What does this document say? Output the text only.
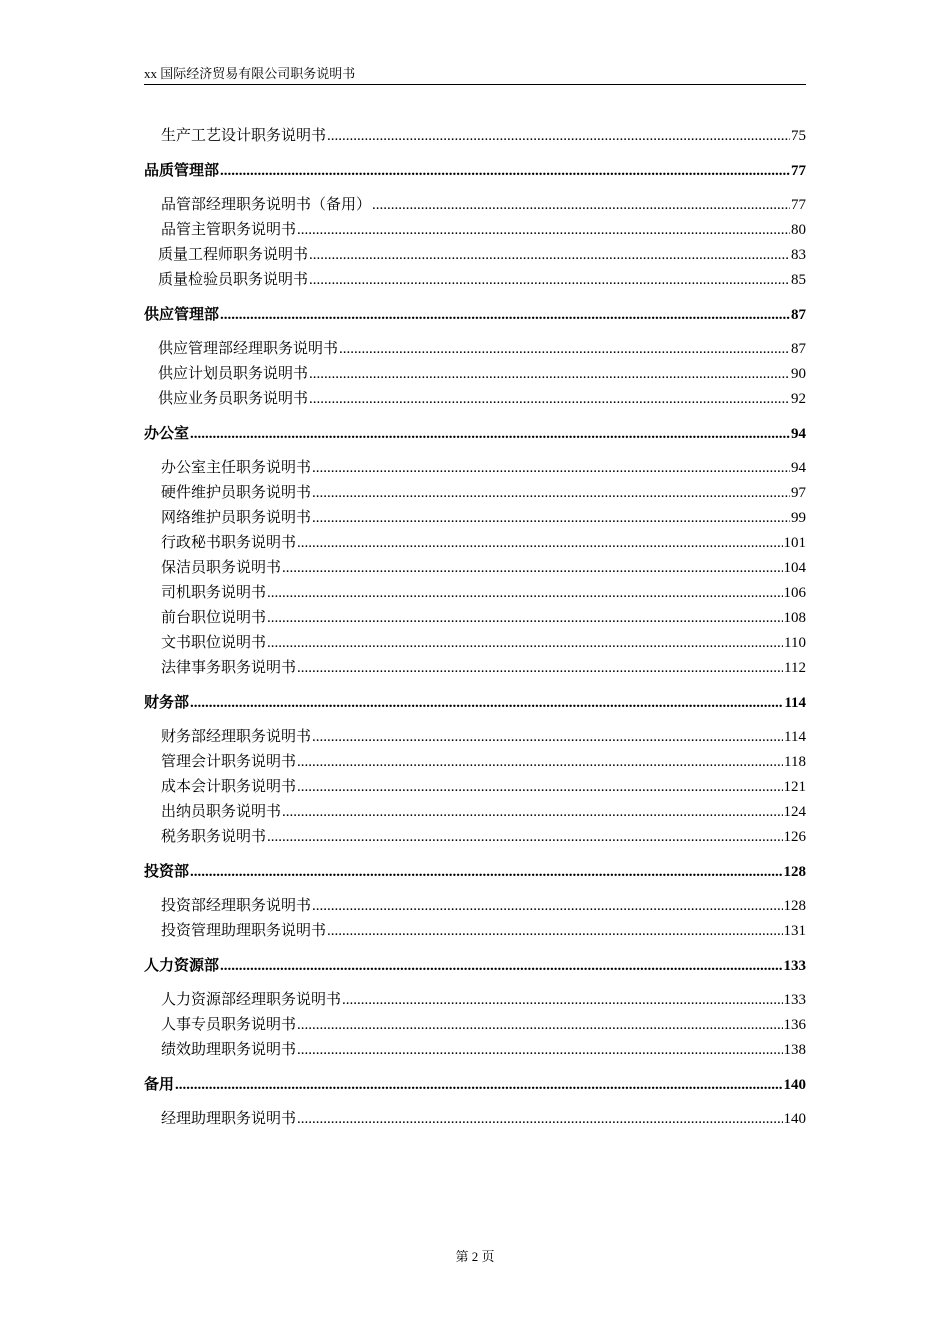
xx 国际经济贸易有限公司职务说明书
生产工艺设计职务说明书 .....	75
品质管理部 .....	77
品管部经理职务说明书（备用） .....	77
品管主管职务说明书 .....	80
质量工程师职务说明书 .....	83
质量检验员职务说明书 .....	85
供应管理部 .....	87
供应管理部经理职务说明书 .....	87
供应计划员职务说明书 .....	90
供应业务员职务说明书 .....	92
办公室 .....	94
办公室主任职务说明书 .....	94
硬件维护员职务说明书 .....	97
网络维护员职务说明书 .....	99
行政秘书职务说明书 .....	101
保洁员职务说明书 .....	104
司机职务说明书 .....	106
前台职位说明书 .....	108
文书职位说明书 .....	110
法律事务职务说明书 .....	112
财务部 .....	114
财务部经理职务说明书 .....	114
管理会计职务说明书 .....	118
成本会计职务说明书 .....	121
出纳员职务说明书 .....	124
税务职务说明书 .....	126
投资部 .....	128
投资部经理职务说明书 .....	128
投资管理助理职务说明书 .....	131
人力资源部 .....	133
人力资源部经理职务说明书 .....	133
人事专员职务说明书 .....	136
绩效助理职务说明书 .....	138
备用 .....	140
经理助理职务说明书 .....	140
第 2 页
